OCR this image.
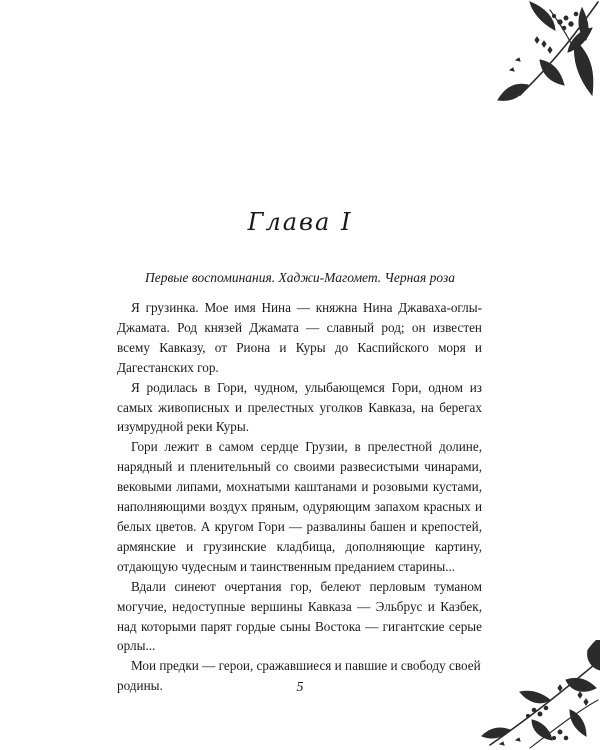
Глава I

Первые воспоминания. Хаджи-Магомет. Черная роза

Я грузинка. Мое имя Нина — княжна Нина Джаваха-оглы-Джамата. Род князей Джамата — славный род; он известен всему Кавказу, от Риона и Куры до Каспийского моря и Дагестанских гор.

Я родилась в Гори, чудном, улыбающемся Гори, одном из самых живописных и прелестных уголков Кавказа, на берегах изумрудной реки Куры.

Гори лежит в самом сердце Грузии, в прелестной долине, нарядный и пленительный со своими развесистыми чинарами, вековыми липами, мохнатыми каштанами и розовыми кустами, наполняющими воздух пряным, одуряющим запахом красных и белых цветов. А кругом Гори — развалины башен и крепостей, армянские и грузинские кладбища, дополняющие картину, отдающую чудесным и таинственным преданием старины...

Вдали синеют очертания гор, белеют перловым туманом могучие, недоступные вершины Кавказа — Эльбрус и Казбек, над которыми парят гордые сыны Востока — гигантские серые орлы...

Мои предки — герои, сражавшиеся и павшие и свободу своей родины.	5
